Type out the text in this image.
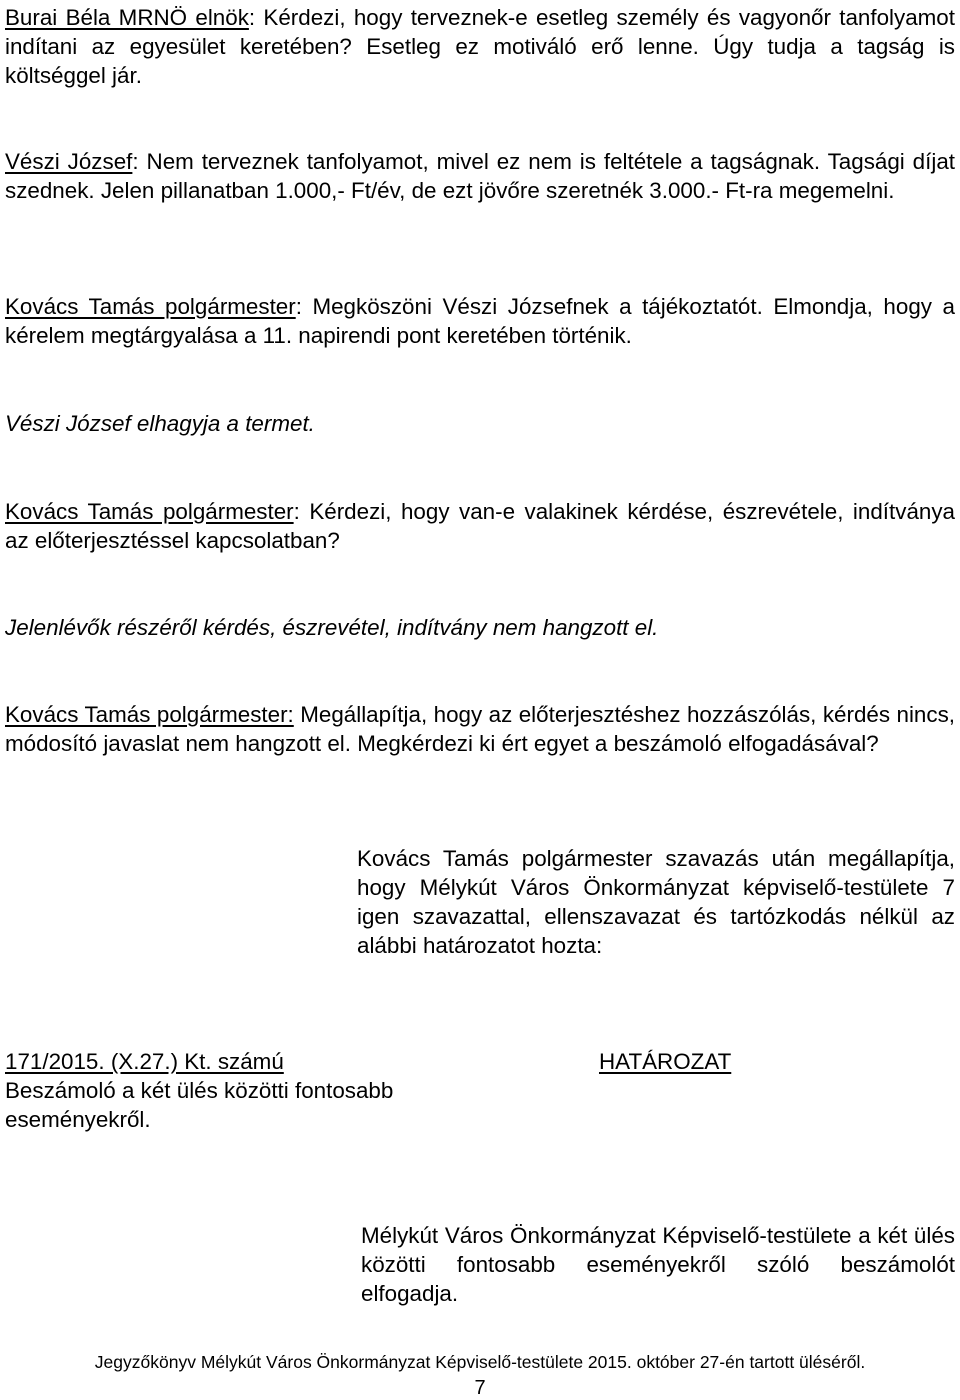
Burai Béla MRNÖ elnök: Kérdezi, hogy terveznek-e esetleg személy és vagyonőr tanfolyamot indítani az egyesület keretében? Esetleg ez motiváló erő lenne. Úgy tudja a tagság is költséggel jár.
Vészi József: Nem terveznek tanfolyamot, mivel ez nem is feltétele a tagságnak. Tagsági díjat szednek. Jelen pillanatban 1.000,- Ft/év, de ezt jövőre szeretnék 3.000.- Ft-ra megemelni.
Kovács Tamás polgármester: Megköszöni Vészi Józsefnek a tájékoztatót. Elmondja, hogy a kérelem megtárgyalása a 11. napirendi pont keretében történik.
Vészi József elhagyja a termet.
Kovács Tamás polgármester: Kérdezi, hogy van-e valakinek kérdése, észrevétele, indítványa az előterjesztéssel kapcsolatban?
Jelenlévők részéről kérdés, észrevétel, indítvány nem hangzott el.
Kovács Tamás polgármester: Megállapítja, hogy az előterjesztéshez hozzászólás, kérdés nincs, módosító javaslat nem hangzott el. Megkérdezi ki ért egyet a beszámoló elfogadásával?
Kovács Tamás polgármester szavazás után megállapítja, hogy Mélykút Város Önkormányzat képviselő-testülete 7 igen szavazattal, ellenszavazat és tartózkodás nélkül az alábbi határozatot hozta:
171/2015. (X.27.) Kt. számú
Beszámoló a két ülés közötti fontosabb eseményekről.
HATÁROZAT
Mélykút Város Önkormányzat Képviselő-testülete a két ülés közötti fontosabb eseményekről szóló beszámolót elfogadja.
Jegyzőkönyv Mélykút Város Önkormányzat Képviselő-testülete 2015. október 27-én tartott üléséről.
7
